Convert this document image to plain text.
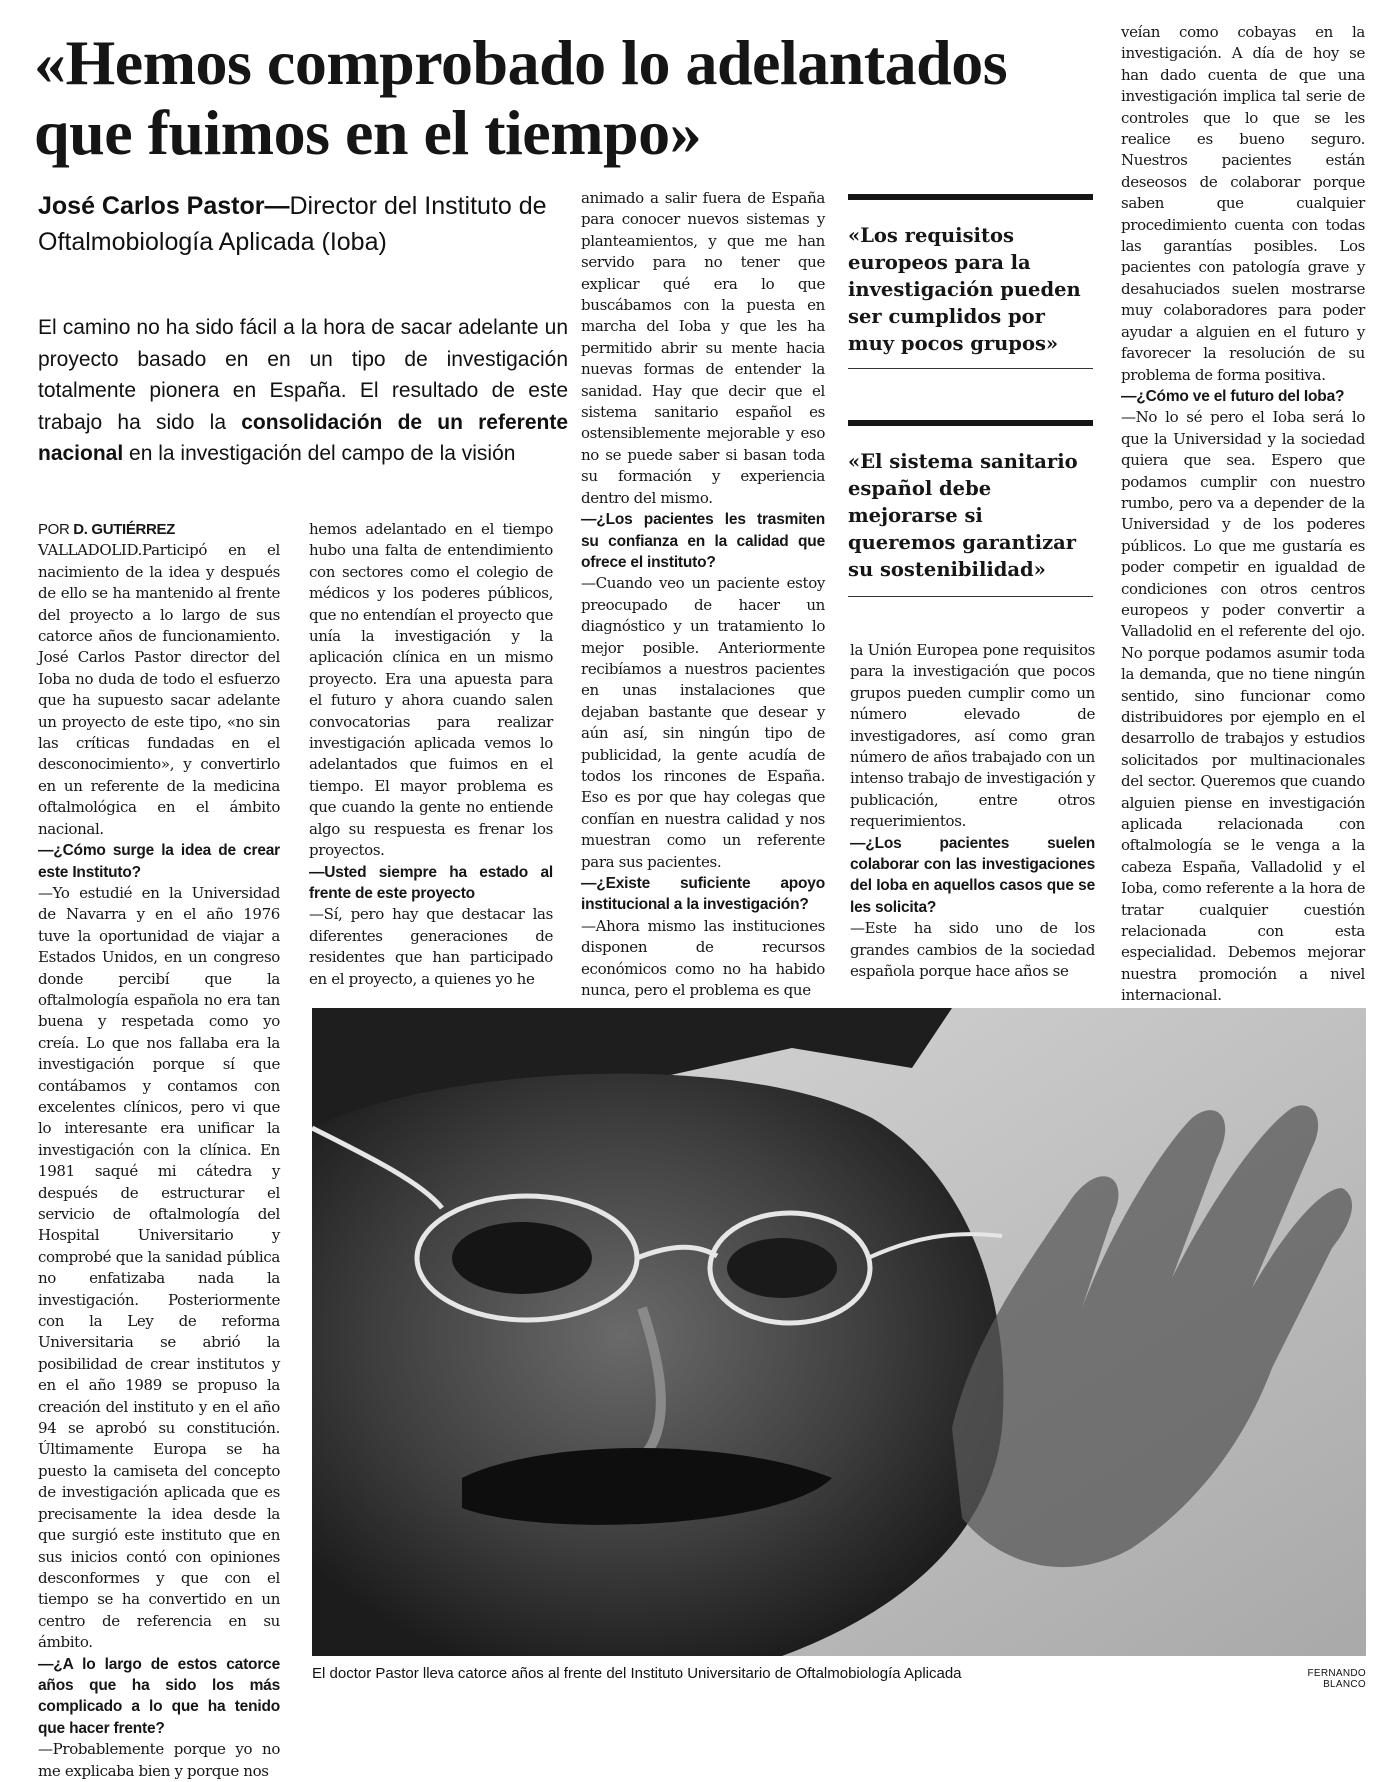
«Hemos comprobado lo adelantados
que fuimos en el tiempo»
José Carlos Pastor—Director del Instituto de Oftalmobiología Aplicada (Ioba)
El camino no ha sido fácil a la hora de sacar adelante un proyecto basado en en un tipo de investigación totalmente pionera en España. El resultado de este trabajo ha sido la consolidación de un referente nacional en la investigación del campo de la visión
POR D. GUTIÉRREZ

VALLADOLID.Participó en el nacimiento de la idea y después de ello se ha mantenido al frente del proyecto a lo largo de sus catorce años de funcionamiento. José Carlos Pastor director del Ioba no duda de todo el esfuerzo que ha supuesto sacar adelante un proyecto de este tipo, «no sin las críticas fundadas en el desconocimiento», y convertirlo en un referente de la medicina oftalmológica en el ámbito nacional.

—¿Cómo surge la idea de crear este Instituto?

—Yo estudié en la Universidad de Navarra y en el año 1976 tuve la oportunidad de viajar a Estados Unidos, en un congreso donde percibí que la oftalmología española no era tan buena y respetada como yo creía. Lo que nos fallaba era la investigación porque sí que contábamos y contamos con excelentes clínicos, pero vi que lo interesante era unificar la investigación con la clínica. En 1981 saqué mi cátedra y después de estructurar el servicio de oftalmología del Hospital Universitario y comprobé que la sanidad pública no enfatizaba nada la investigación. Posteriormente con la Ley de reforma Universitaria se abrió la posibilidad de crear institutos y en el año 1989 se propuso la creación del instituto y en el año 94 se aprobó su constitución. Últimamente Europa se ha puesto la camiseta del concepto de investigación aplicada que es precisamente la idea desde la que surgió este instituto que en sus inicios contó con opiniones desconformes y que con el tiempo se ha convertido en un centro de referencia en su ámbito.

—¿A lo largo de estos catorce años que ha sido los más complicado a lo que ha tenido que hacer frente?

—Probablemente porque yo no me explicaba bien y porque nos

hemos adelantado en el tiempo hubo una falta de entendimiento con sectores como el colegio de médicos y los poderes públicos, que no entendían el proyecto que unía la investigación y la aplicación clínica en un mismo proyecto. Era una apuesta para el futuro y ahora cuando salen convocatorias para realizar investigación aplicada vemos lo adelantados que fuimos en el tiempo. El mayor problema es que cuando la gente no entiende algo su respuesta es frenar los proyectos.

—Usted siempre ha estado al frente de este proyecto

—Sí, pero hay que destacar las diferentes generaciones de residentes que han participado en el proyecto, a quienes yo he

animado a salir fuera de España para conocer nuevos sistemas y planteamientos, y que me han servido para no tener que explicar qué era lo que buscábamos con la puesta en marcha del Ioba y que les ha permitido abrir su mente hacia nuevas formas de entender la sanidad. Hay que decir que el sistema sanitario español es ostensiblemente mejorable y eso no se puede saber si basan toda su formación y experiencia dentro del mismo.

—¿Los pacientes les trasmiten su confianza en la calidad que ofrece el instituto?

—Cuando veo un paciente estoy preocupado de hacer un diagnóstico y un tratamiento lo mejor posible. Anteriormente recibíamos a nuestros pacientes en unas instalaciones que dejaban bastante que desear y aún así, sin ningún tipo de publicidad, la gente acudía de todos los rincones de España. Eso es por que hay colegas que confían en nuestra calidad y nos muestran como un referente para sus pacientes.

—¿Existe suficiente apoyo institucional a la investigación?

—Ahora mismo las instituciones disponen de recursos económicos como no ha habido nunca, pero el problema es que

«Los requisitos europeos para la investigación pueden ser cumplidos por muy pocos grupos»
«El sistema sanitario español debe mejorarse si queremos garantizar su sostenibilidad»

la Unión Europea pone requisitos para la investigación que pocos grupos pueden cumplir como un número elevado de investigadores, así como gran número de años trabajado con un intenso trabajo de investigación y publicación, entre otros requerimientos.

—¿Los pacientes suelen colaborar con las investigaciones del Ioba en aquellos casos que se les solicita?

—Este ha sido uno de los grandes cambios de la sociedad española porque hace años se

veían como cobayas en la investigación. A día de hoy se han dado cuenta de que una investigación implica tal serie de controles que lo que se les realice es bueno seguro. Nuestros pacientes están deseosos de colaborar porque saben que cualquier procedimiento cuenta con todas las garantías posibles. Los pacientes con patología grave y desahuciados suelen mostrarse muy colaboradores para poder ayudar a alguien en el futuro y favorecer la resolución de su problema de forma positiva.

—¿Cómo ve el futuro del Ioba?

—No lo sé pero el Ioba será lo que la Universidad y la sociedad quiera que sea. Espero que podamos cumplir con nuestro rumbo, pero va a depender de la Universidad y de los poderes públicos. Lo que me gustaría es poder competir en igualdad de condiciones con otros centros europeos y poder convertir a Valladolid en el referente del ojo. No porque podamos asumir toda la demanda, que no tiene ningún sentido, sino funcionar como distribuidores por ejemplo en el desarrollo de trabajos y estudios solicitados por multinacionales del sector. Queremos que cuando alguien piense en investigación aplicada relacionada con oftalmología se le venga a la cabeza España, Valladolid y el Ioba, como referente a la hora de tratar cualquier cuestión relacionada con esta especialidad. Debemos mejorar nuestra promoción a nivel internacional.

El doctor Pastor lleva catorce años al frente del Instituto Universitario de Oftalmobiología Aplicada	FERNANDO BLANCO
